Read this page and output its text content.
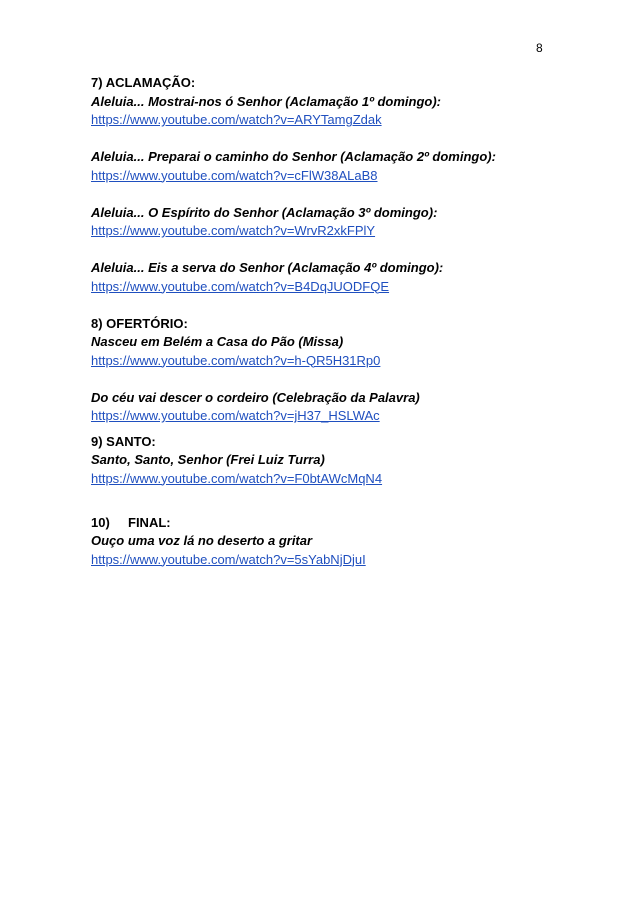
8

7) ACLAMAÇÃO:

Aleluia... Mostrai-nos ó Senhor (Aclamação 1º domingo):

https://www.youtube.com/watch?v=ARYTamgZdak

Aleluia... Preparai o caminho do Senhor (Aclamação 2º domingo):

https://www.youtube.com/watch?v=cFlW38ALaB8

Aleluia... O Espírito do Senhor (Aclamação 3º domingo):

https://www.youtube.com/watch?v=WrvR2xkFPlY

Aleluia... Eis a serva do Senhor (Aclamação 4º domingo):

https://www.youtube.com/watch?v=B4DqJUODFQE

8) OFERTÓRIO:

Nasceu em Belém a Casa do Pão (Missa)

https://www.youtube.com/watch?v=h-QR5H31Rp0

Do céu vai descer o cordeiro (Celebração da Palavra)

https://www.youtube.com/watch?v=jH37_HSLWAc

9) SANTO:

Santo, Santo, Senhor (Frei Luiz Turra)

https://www.youtube.com/watch?v=F0btAWcMqN4

10) FINAL:

Ouço uma voz lá no deserto a gritar

https://www.youtube.com/watch?v=5sYabNjDjuI
